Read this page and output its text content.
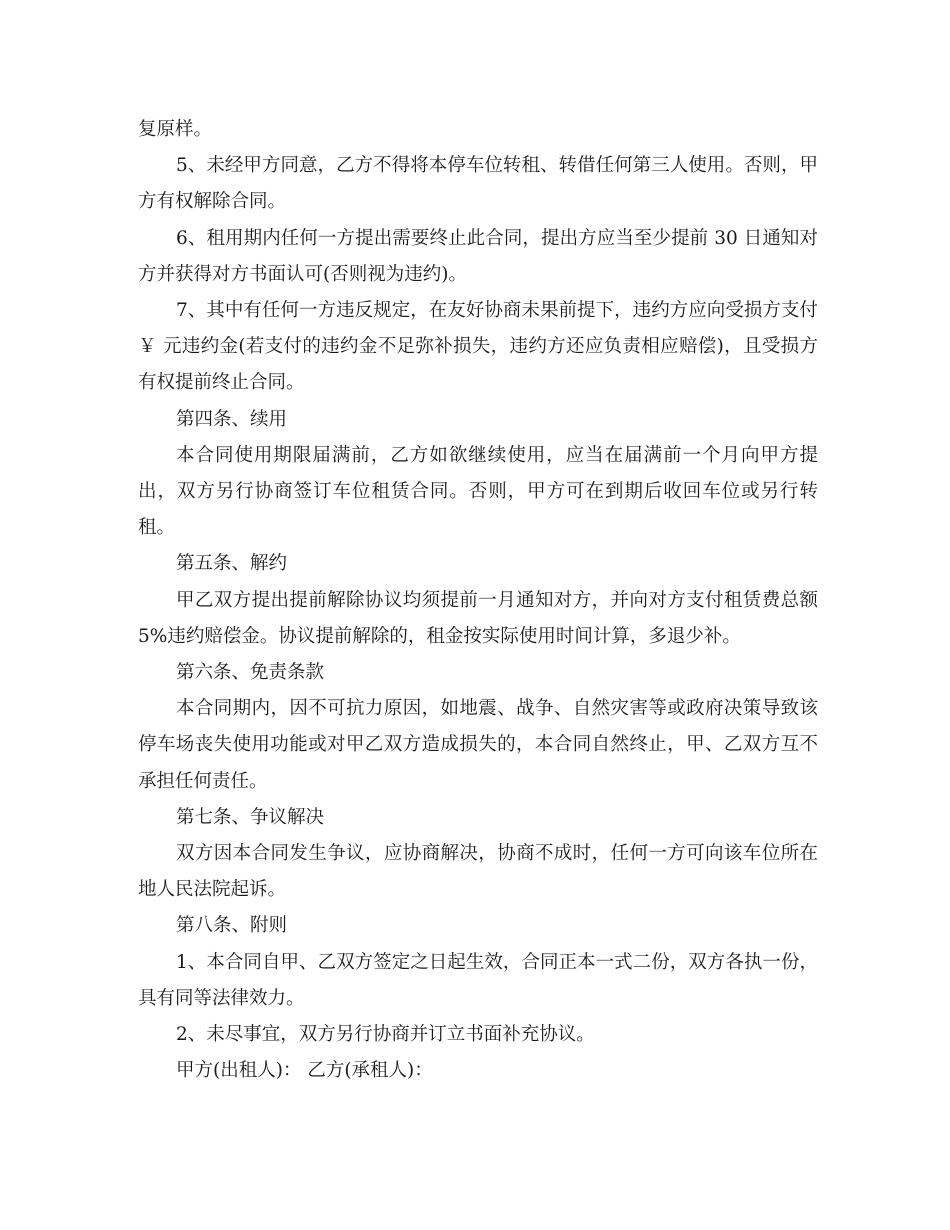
复原样。

5、未经甲方同意，乙方不得将本停车位转租、转借任何第三人使用。否则，甲方有权解除合同。

6、租用期内任何一方提出需要终止此合同，提出方应当至少提前 30 日通知对方并获得对方书面认可(否则视为违约)。

7、其中有任何一方违反规定，在友好协商未果前提下，违约方应向受损方支付￥ 元违约金(若支付的违约金不足弥补损失，违约方还应负责相应赔偿)，且受损方有权提前终止合同。

第四条、续用

本合同使用期限届满前，乙方如欲继续使用，应当在届满前一个月向甲方提出，双方另行协商签订车位租赁合同。否则，甲方可在到期后收回车位或另行转租。

第五条、解约

甲乙双方提出提前解除协议均须提前一月通知对方，并向对方支付租赁费总额5%违约赔偿金。协议提前解除的，租金按实际使用时间计算，多退少补。

第六条、免责条款

本合同期内，因不可抗力原因，如地震、战争、自然灾害等或政府决策导致该停车场丧失使用功能或对甲乙双方造成损失的，本合同自然终止，甲、乙双方互不承担任何责任。

第七条、争议解决

双方因本合同发生争议，应协商解决，协商不成时，任何一方可向该车位所在地人民法院起诉。

第八条、附则

1、本合同自甲、乙双方签定之日起生效，合同正本一式二份，双方各执一份，具有同等法律效力。

2、未尽事宜，双方另行协商并订立书面补充协议。

甲方(出租人)： 乙方(承租人)：
